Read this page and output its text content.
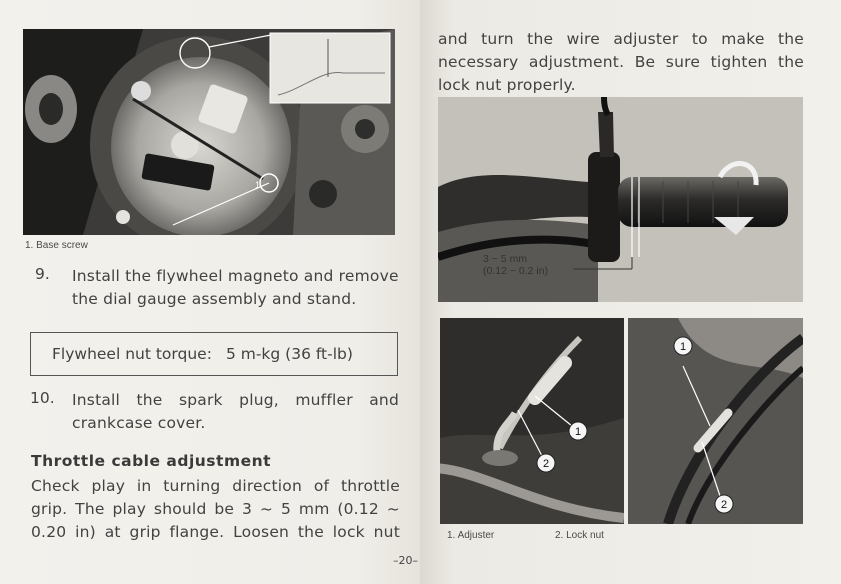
1
1. Base screw
9. Install the flywheel magneto and remove
the dial gauge assembly and stand.
Flywheel nut torque: 5 m-kg (36 ft-lb)
10. Install the spark plug, muffler and
crankcase cover.
Throttle cable adjustment
Check play in turning direction of throttle
grip. The play should be 3 ~ 5 mm (0.12 ~
0.20 in) at grip flange. Loosen the lock nut
and turn the wire adjuster to make the
necessary adjustment. Be sure tighten the
lock nut properly.
3 ~ 5 mm
(0.12 ~ 0.2 in)
1
2
1
2
1. Adjuster	2. Lock nut
–20–
